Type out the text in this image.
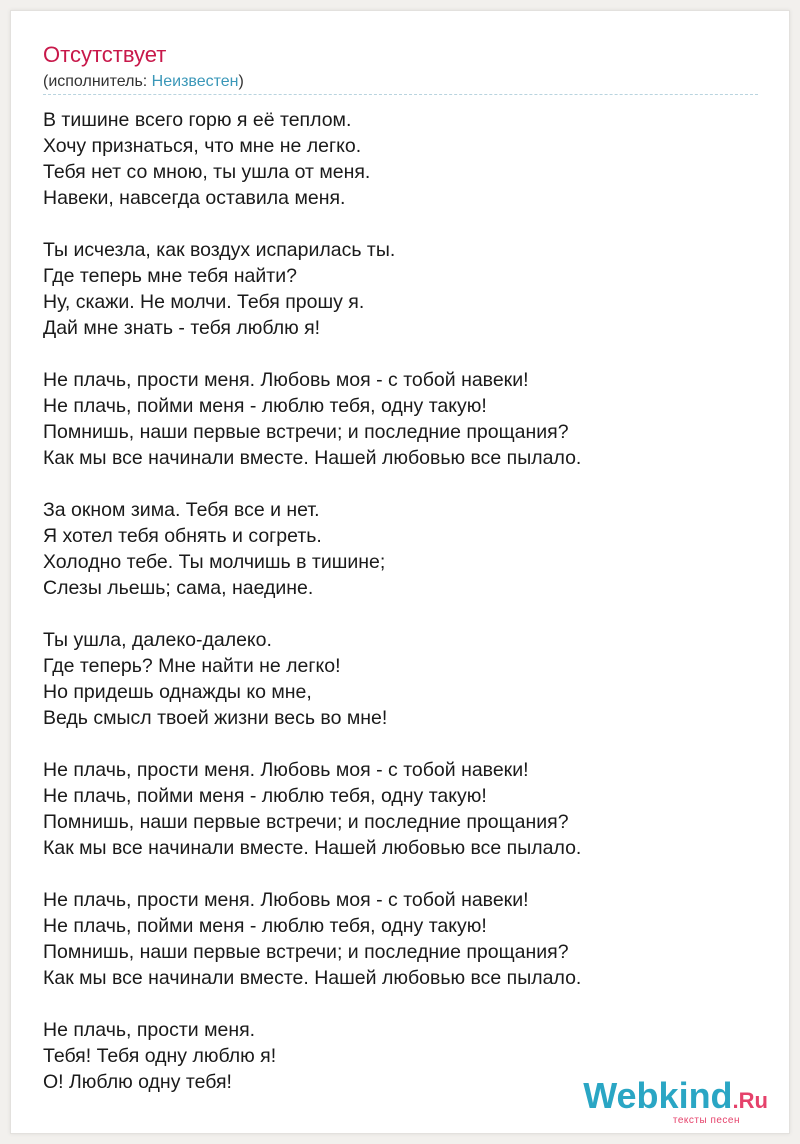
Отсутствует
(исполнитель: Неизвестен)
В тишине всего горю я её теплом.
Хочу признаться, что мне не легко.
Тебя нет со мною, ты ушла от меня.
Навеки, навсегда оставила меня.
Ты исчезла, как воздух испарилась ты.
Где теперь мне тебя найти?
Ну, скажи. Не молчи. Тебя прошу я.
Дай мне знать - тебя люблю я!
Не плачь, прости меня. Любовь моя - с тобой навеки!
Не плачь, пойми меня - люблю тебя, одну такую!
Помнишь, наши первые встречи; и последние прощания?
Как мы все начинали вместе. Нашей любовью все пылало.
За окном зима. Тебя все и нет.
Я хотел тебя обнять и согреть.
Холодно тебе. Ты молчишь в тишине;
Слезы льешь; сама, наедине.
Ты ушла, далеко-далеко.
Где теперь? Мне найти не легко!
Но придешь однажды ко мне,
Ведь смысл твоей жизни весь во мне!
Не плачь, прости меня. Любовь моя - с тобой навеки!
Не плачь, пойми меня - люблю тебя, одну такую!
Помнишь, наши первые встречи; и последние прощания?
Как мы все начинали вместе. Нашей любовью все пылало.
Не плачь, прости меня. Любовь моя - с тобой навеки!
Не плачь, пойми меня - люблю тебя, одну такую!
Помнишь, наши первые встречи; и последние прощания?
Как мы все начинали вместе. Нашей любовью все пылало.
Не плачь, прости меня.
Тебя! Тебя одну люблю я!
О! Люблю одну тебя!	Webkind.Ru
тексты песен
